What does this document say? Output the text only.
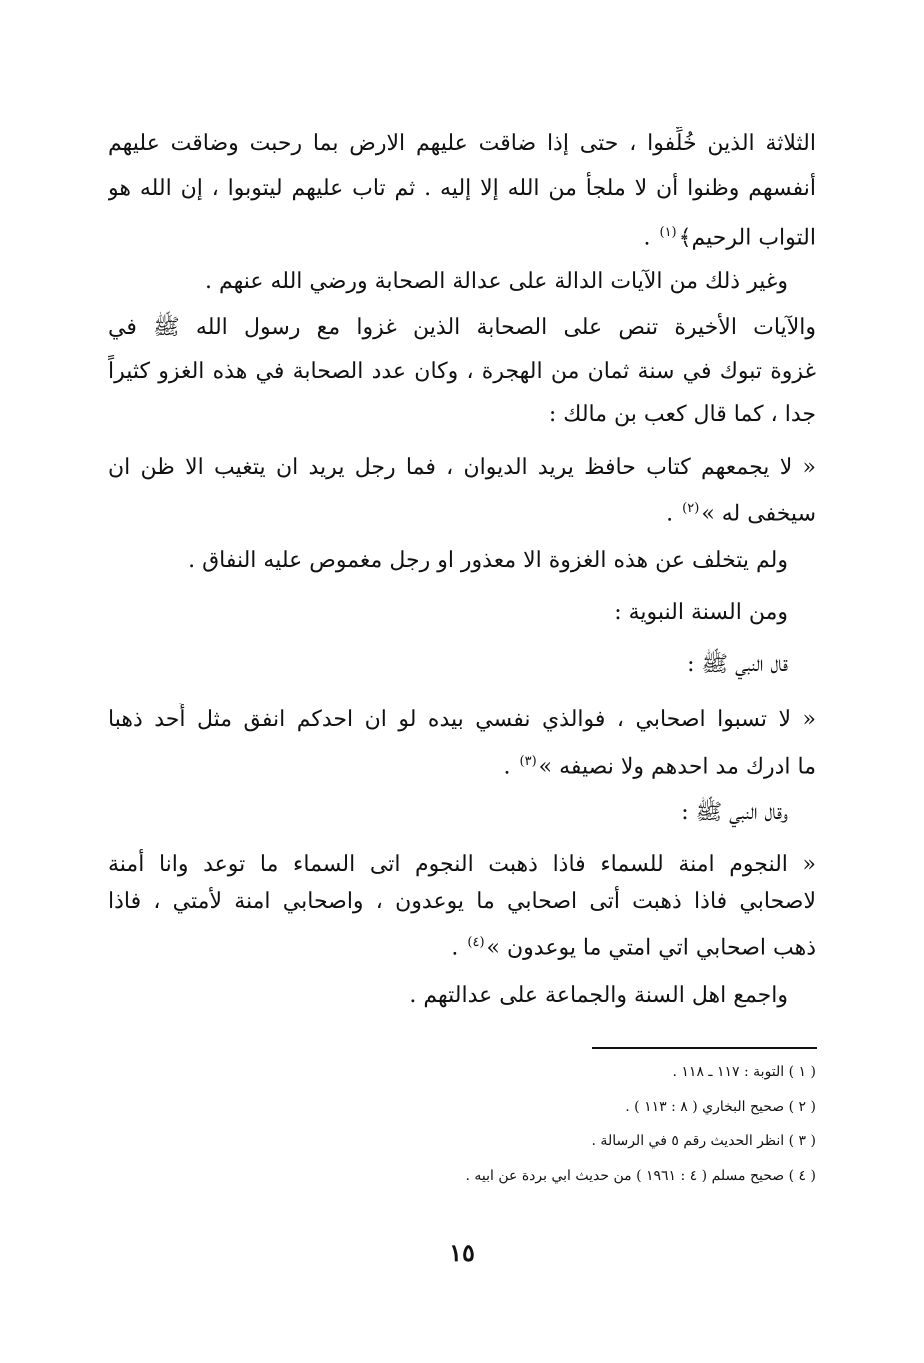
الثلاثة الذين خُلِّفوا ، حتى إذا ضاقت عليهم الارض بما رحبت وضاقت عليهم
أنفسهم وظنوا أن لا ملجأ من الله إلا إليه . ثم تاب عليهم ليتوبوا ، إن الله هو
التواب الرحيم﴾$^{(١)}$ .
وغير ذلك من الآيات الدالة على عدالة الصحابة ورضي الله عنهم .
والآيات الأخيرة تنص على الصحابة الذين غزوا مع رسول الله ﷺ في
غزوة تبوك في سنة ثمان من الهجرة ، وكان عدد الصحابة في هذه الغزو كثيراً
جدا ، كما قال كعب بن مالك :
« لا يجمعهم كتاب حافظ يريد الديوان ، فما رجل يريد ان يتغيب الا ظن ان
سيخفى له »$^{(٢)}$ .
ولم يتخلف عن هذه الغزوة الا معذور او رجل مغموص عليه النفاق .
ومن السنة النبوية :
قال النبي ﷺ :
« لا تسبوا اصحابي ، فوالذي نفسي بيده لو ان احدكم انفق مثل أُحد ذهبا
ما ادرك مد احدهم ولا نصيفه »$^{(٣)}$ .
وقال النبي ﷺ :
« النجوم امنة للسماء فاذا ذهبت النجوم اتى السماء ما توعد وانا أمنة
لاصحابي فاذا ذهبت أتى اصحابي ما يوعدون ، واصحابي امنة لأمتي ، فاذا
ذهب اصحابي اتي امتي ما يوعدون »$^{(٤)}$ .
واجمع اهل السنة والجماعة على عدالتهم .
( ١ ) التوبة : ١١٧ ـ ١١٨ .
( ٢ ) صحيح البخاري ( ٨ : ١١٣ ) .
( ٣ ) انظر الحديث رقم ٥ في الرسالة .
( ٤ ) صحيح مسلم ( ٤ : ١٩٦١ ) من حديث ابي بردة عن ابيه .
١٥
